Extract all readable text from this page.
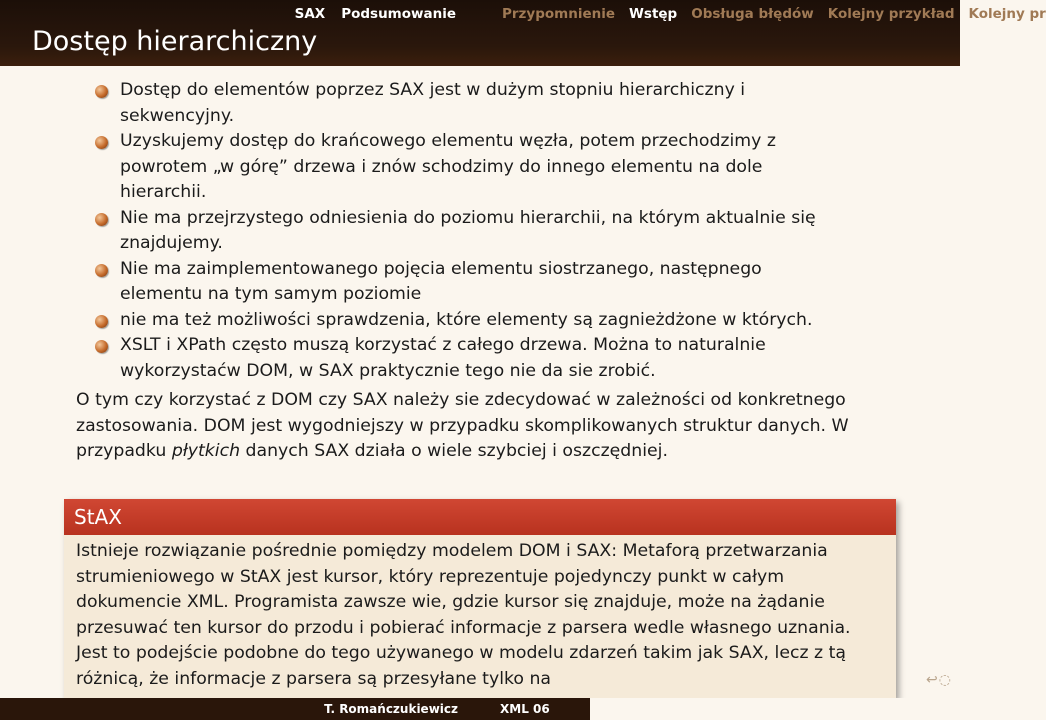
SAX Podsumowanie	Przypomnienie Wstęp Obsługa błędów Kolejny przykład Kolejny pr
Dostęp hierarchiczny
Dostęp do elementów poprzez SAX jest w dużym stopniu hierarchiczny i sekwencyjny.
Uzyskujemy dostęp do krańcowego elementu węzła, potem przechodzimy z powrotem „w górę” drzewa i znów schodzimy do innego elementu na dole hierarchii.
Nie ma przejrzystego odniesienia do poziomu hierarchii, na którym aktualnie się znajdujemy.
Nie ma zaimplementowanego pojęcia elementu siostrzanego, następnego elementu na tym samym poziomie
nie ma też możliwości sprawdzenia, które elementy są zagnieżdżone w których.
XSLT i XPath często muszą korzystać z całego drzewa. Można to naturalnie wykorzystaćw DOM, w SAX praktycznie tego nie da sie zrobić.
O tym czy korzystać z DOM czy SAX należy sie zdecydować w zależności od konkretnego zastosowania. DOM jest wygodniejszy w przypadku skomplikowanych struktur danych. W przypadku płytkich danych SAX działa o wiele szybciej i oszczędniej.
StAX
Istnieje rozwiązanie pośrednie pomiędzy modelem DOM i SAX: Metaforą przetwarzania strumieniowego w StAX jest kursor, który reprezentuje pojedynczy punkt w całym dokumencie XML. Programista zawsze wie, gdzie kursor się znajduje, może na żądanie przesuwać ten kursor do przodu i pobierać informacje z parsera wedle własnego uznania. Jest to podejście podobne do tego używanego w modelu zdarzeń takim jak SAX, lecz z tą różnicą, że informacje z parsera są przesyłane tylko na	↩◌
T. Romańczukiewicz	XML 06
